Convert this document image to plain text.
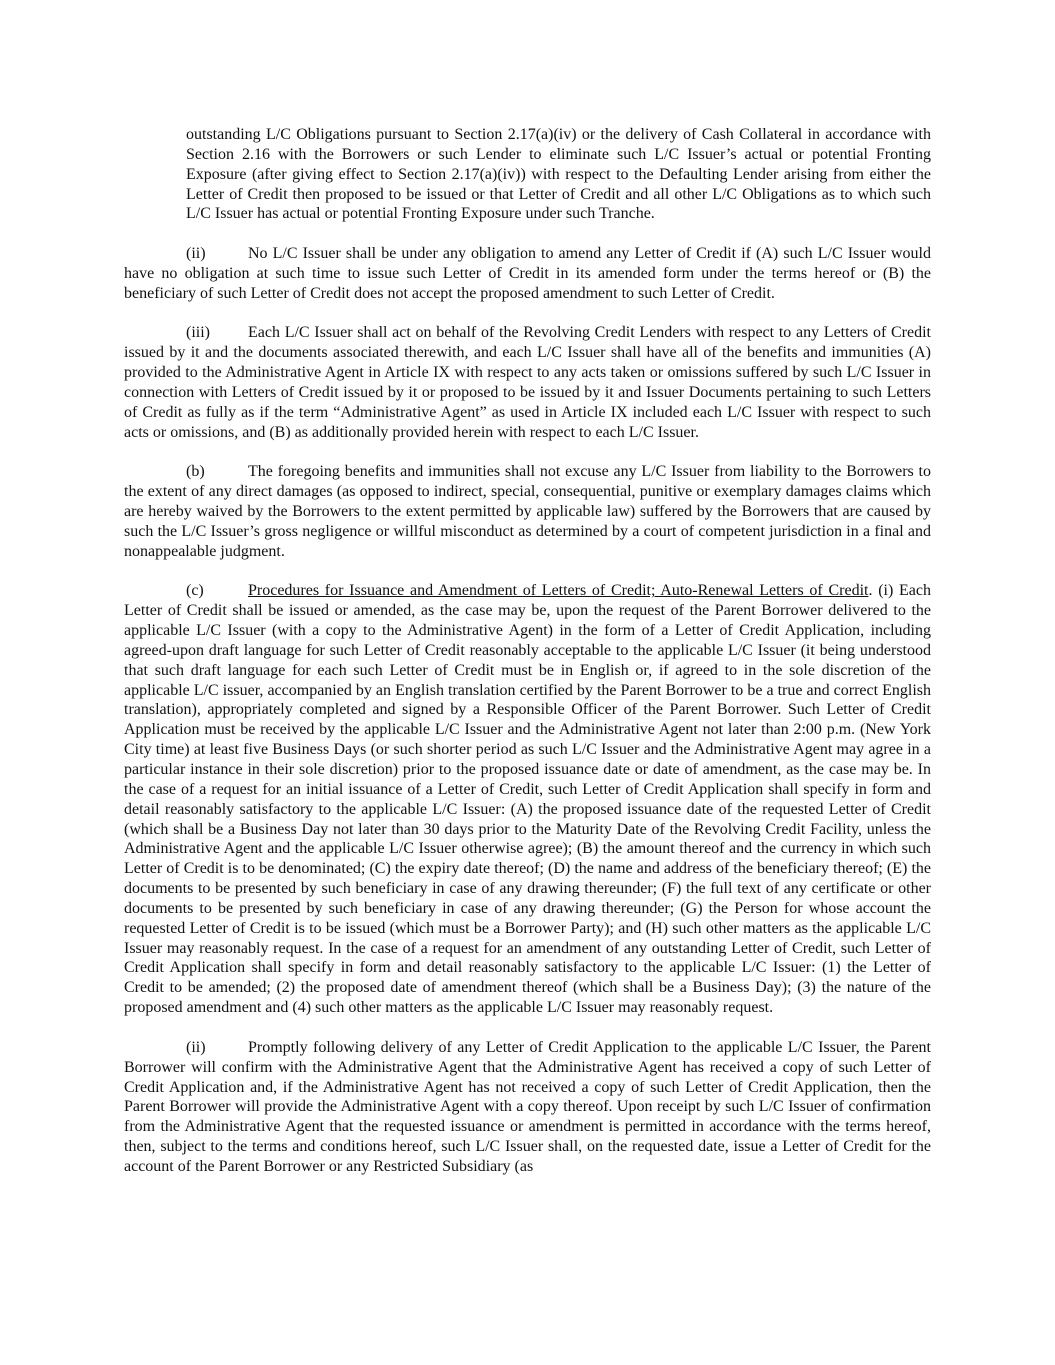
outstanding L/C Obligations pursuant to Section 2.17(a)(iv) or the delivery of Cash Collateral in accordance with Section 2.16 with the Borrowers or such Lender to eliminate such L/C Issuer’s actual or potential Fronting Exposure (after giving effect to Section 2.17(a)(iv)) with respect to the Defaulting Lender arising from either the Letter of Credit then proposed to be issued or that Letter of Credit and all other L/C Obligations as to which such L/C Issuer has actual or potential Fronting Exposure under such Tranche.

(ii)	No L/C Issuer shall be under any obligation to amend any Letter of Credit if (A) such L/C Issuer would have no obligation at such time to issue such Letter of Credit in its amended form under the terms hereof or (B) the beneficiary of such Letter of Credit does not accept the proposed amendment to such Letter of Credit.

(iii) Each L/C Issuer shall act on behalf of the Revolving Credit Lenders with respect to any Letters of Credit issued by it and the documents associated therewith, and each L/C Issuer shall have all of the benefits and immunities (A) provided to the Administrative Agent in Article IX with respect to any acts taken or omissions suffered by such L/C Issuer in connection with Letters of Credit issued by it or proposed to be issued by it and Issuer Documents pertaining to such Letters of Credit as fully as if the term “Administrative Agent” as used in Article IX included each L/C Issuer with respect to such acts or omissions, and (B) as additionally provided herein with respect to each L/C Issuer.

(b)	The foregoing benefits and immunities shall not excuse any L/C Issuer from liability to the Borrowers to the extent of any direct damages (as opposed to indirect, special, consequential, punitive or exemplary damages claims which are hereby waived by the Borrowers to the extent permitted by applicable law) suffered by the Borrowers that are caused by such the L/C Issuer’s gross negligence or willful misconduct as determined by a court of competent jurisdiction in a final and nonappealable judgment.

(c)	Procedures for Issuance and Amendment of Letters of Credit; Auto-Renewal Letters of Credit. (i) Each Letter of Credit shall be issued or amended, as the case may be, upon the request of the Parent Borrower delivered to the applicable L/C Issuer (with a copy to the Administrative Agent) in the form of a Letter of Credit Application, including agreed-upon draft language for such Letter of Credit reasonably acceptable to the applicable L/C Issuer (it being understood that such draft language for each such Letter of Credit must be in English or, if agreed to in the sole discretion of the applicable L/C issuer, accompanied by an English translation certified by the Parent Borrower to be a true and correct English translation), appropriately completed and signed by a Responsible Officer of the Parent Borrower. Such Letter of Credit Application must be received by the applicable L/C Issuer and the Administrative Agent not later than 2:00 p.m. (New York City time) at least five Business Days (or such shorter period as such L/C Issuer and the Administrative Agent may agree in a particular instance in their sole discretion) prior to the proposed issuance date or date of amendment, as the case may be. In the case of a request for an initial issuance of a Letter of Credit, such Letter of Credit Application shall specify in form and detail reasonably satisfactory to the applicable L/C Issuer: (A) the proposed issuance date of the requested Letter of Credit (which shall be a Business Day not later than 30 days prior to the Maturity Date of the Revolving Credit Facility, unless the Administrative Agent and the applicable L/C Issuer otherwise agree); (B) the amount thereof and the currency in which such Letter of Credit is to be denominated; (C) the expiry date thereof; (D) the name and address of the beneficiary thereof; (E) the documents to be presented by such beneficiary in case of any drawing thereunder; (F) the full text of any certificate or other documents to be presented by such beneficiary in case of any drawing thereunder; (G) the Person for whose account the requested Letter of Credit is to be issued (which must be a Borrower Party); and (H) such other matters as the applicable L/C Issuer may reasonably request. In the case of a request for an amendment of any outstanding Letter of Credit, such Letter of Credit Application shall specify in form and detail reasonably satisfactory to the applicable L/C Issuer: (1) the Letter of Credit to be amended; (2) the proposed date of amendment thereof (which shall be a Business Day); (3) the nature of the proposed amendment and (4) such other matters as the applicable L/C Issuer may reasonably request.

(ii)	Promptly following delivery of any Letter of Credit Application to the applicable L/C Issuer, the Parent Borrower will confirm with the Administrative Agent that the Administrative Agent has received a copy of such Letter of Credit Application and, if the Administrative Agent has not received a copy of such Letter of Credit Application, then the Parent Borrower will provide the Administrative Agent with a copy thereof. Upon receipt by such L/C Issuer of confirmation from the Administrative Agent that the requested issuance or amendment is permitted in accordance with the terms hereof, then, subject to the terms and conditions hereof, such L/C Issuer shall, on the requested date, issue a Letter of Credit for the account of the Parent Borrower or any Restricted Subsidiary (as
